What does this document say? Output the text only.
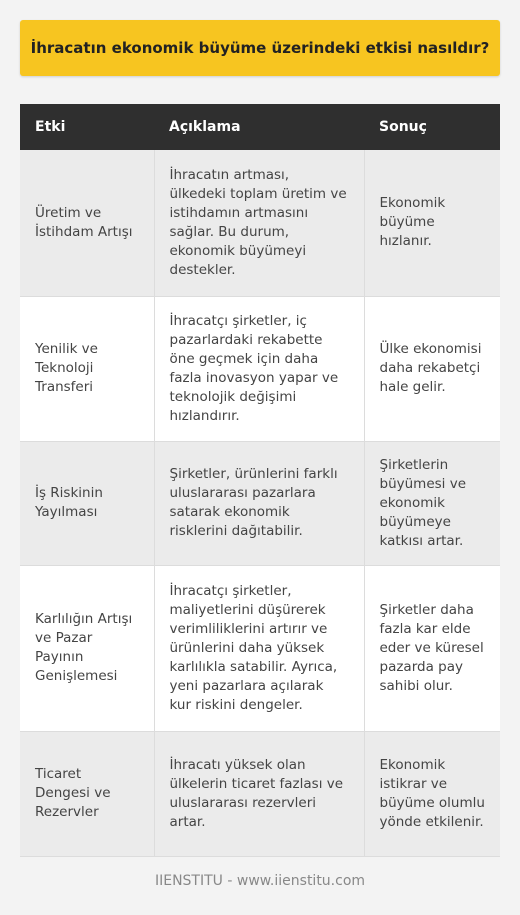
İhracatın ekonomik büyüme üzerindeki etkisi nasıldır?
Etki	Açıklama	Sonuç
Üretim ve İstihdam Artışı	İhracatın artması, ülkedeki toplam üretim ve istihdamın artmasını sağlar. Bu durum, ekonomik büyümeyi destekler.	Ekonomik büyüme hızlanır.
Yenilik ve Teknoloji Transferi	İhracatçı şirketler, iç pazarlardaki rekabette öne geçmek için daha fazla inovasyon yapar ve teknolojik değişimi hızlandırır.	Ülke ekonomisi daha rekabetçi hale gelir.
İş Riskinin Yayılması	Şirketler, ürünlerini farklı uluslararası pazarlara satarak ekonomik risklerini dağıtabilir.	Şirketlerin büyümesi ve ekonomik büyümeye katkısı artar.
Karlılığın Artışı ve Pazar Payının Genişlemesi	İhracatçı şirketler, maliyetlerini düşürerek verimliliklerini artırır ve ürünlerini daha yüksek karlılıkla satabilir. Ayrıca, yeni pazarlara açılarak kur riskini dengeler.	Şirketler daha fazla kar elde eder ve küresel pazarda pay sahibi olur.
Ticaret Dengesi ve Rezervler	İhracatı yüksek olan ülkelerin ticaret fazlası ve uluslararası rezervleri artar.	Ekonomik istikrar ve büyüme olumlu yönde etkilenir.
IIENSTITU - www.iienstitu.com
